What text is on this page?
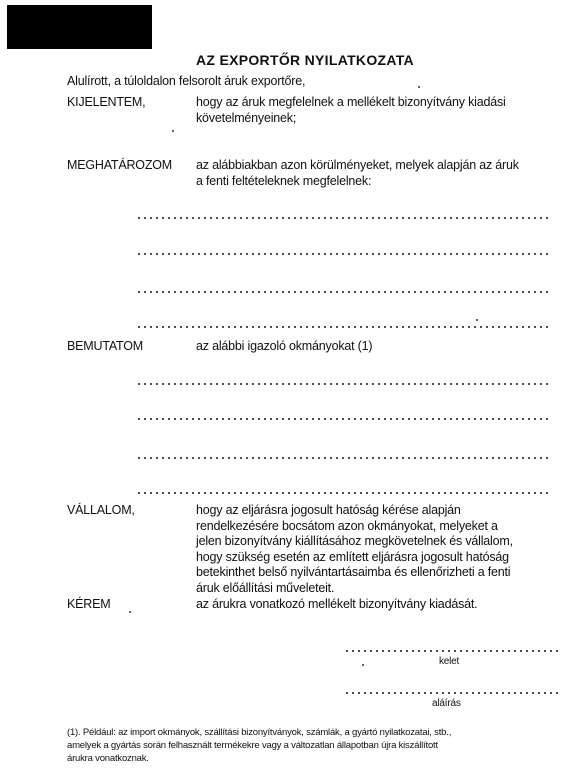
AZ EXPORTŐR NYILATKOZATA
Alulírott, a túloldalon felsorolt áruk exportőre,
KIJELENTEM,	hogy az áruk megfelelnek a mellékelt bizonyítvány kiadási
követelményeinek;
MEGHATÁROZOM az alábbiakban azon körülményeket, melyek alapján az áruk
a fenti feltételeknek megfelelnek:
BEMUTATOM	az alábbi igazoló okmányokat (1)
VÁLLALOM,	hogy az eljárásra jogosult hatóság kérése alapján
rendelkezésére bocsátom azon okmányokat, melyeket a
jelen bizonyítvány kiállításához megkövetelnek és vállalom,
hogy szükség esetén az említett eljárásra jogosult hatóság
betekinthet belső nyilvántartásaimba és ellenőrizheti a fenti
áruk előállítási műveleteit.
KÉREM	az árukra vonatkozó mellékelt bizonyítvány kiadását.
kelet
aláírás
(1). Például: az import okmányok, szállítási bizonyítványok, számlák, a gyártó nyilatkozatai, stb.,
amelyek a gyártás során felhasznált termékekre vagy a változatlan állapotban újra kiszállított
árukra vonatkoznak.
